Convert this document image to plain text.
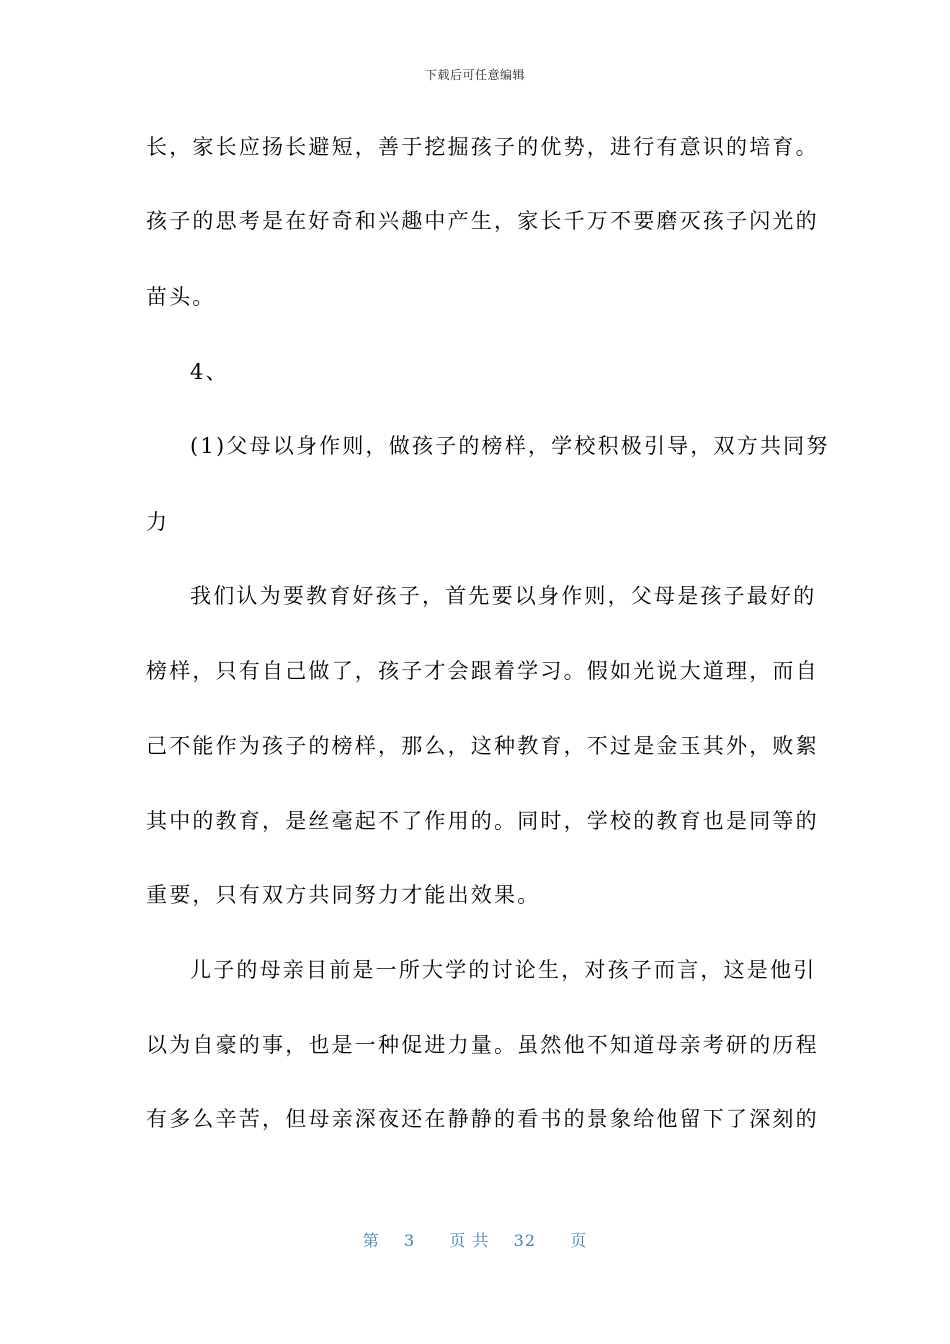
下载后可任意编辑
长，家长应扬长避短，善于挖掘孩子的优势，进行有意识的培育。
孩子的思考是在好奇和兴趣中产生，家长千万不要磨灭孩子闪光的
苗头。
4、
(1)父母以身作则，做孩子的榜样，学校积极引导，双方共同努
力
我们认为要教育好孩子，首先要以身作则，父母是孩子最好的
榜样，只有自己做了，孩子才会跟着学习。假如光说大道理，而自
己不能作为孩子的榜样，那么，这种教育，不过是金玉其外，败絮
其中的教育，是丝毫起不了作用的。同时，学校的教育也是同等的
重要，只有双方共同努力才能出效果。
儿子的母亲目前是一所大学的讨论生，对孩子而言，这是他引
以为自豪的事，也是一种促进力量。虽然他不知道母亲考研的历程
有多么辛苦，但母亲深夜还在静静的看书的景象给他留下了深刻的
第 3 页 共 32 页
